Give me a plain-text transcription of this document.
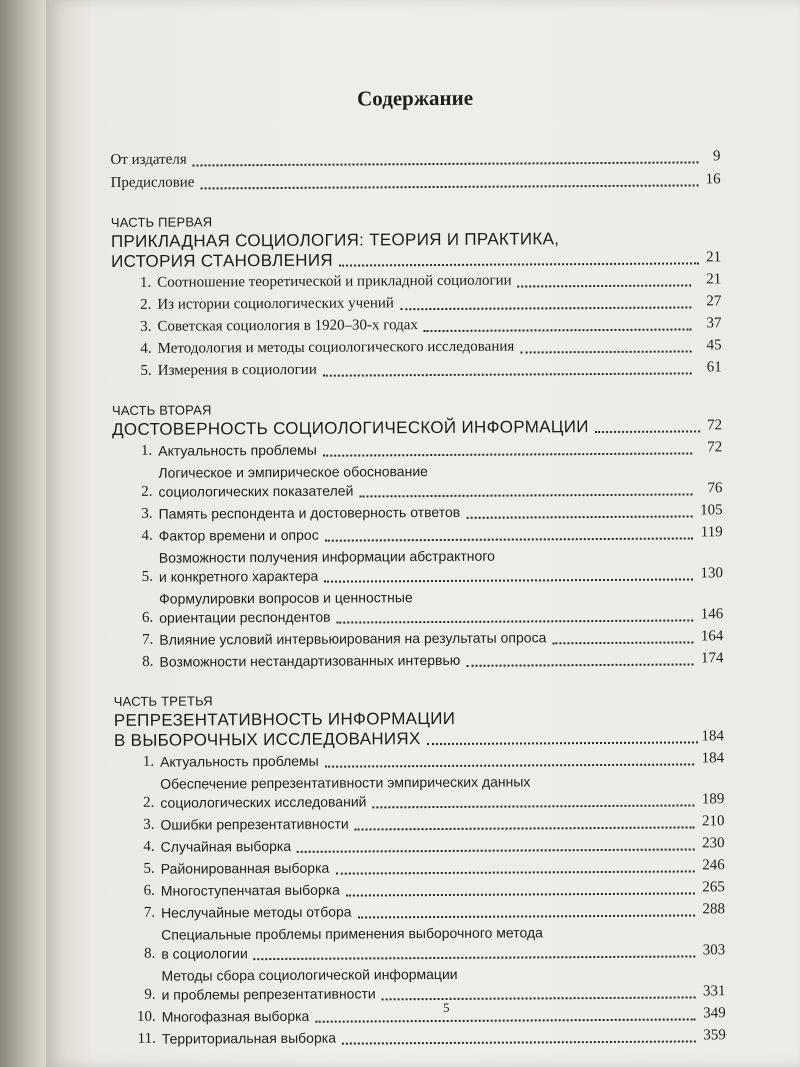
Содержание
От издателя	9
Предисловие	16
ЧАСТЬ ПЕРВАЯ
ПРИКЛАДНАЯ СОЦИОЛОГИЯ: ТЕОРИЯ И ПРАКТИКА,
ИСТОРИЯ СТАНОВЛЕНИЯ	21
1. Соотношение теоретической и прикладной социологии	21
2. Из истории социологических учений	27
3. Советская социология в 1920–30-х годах	37
4. Методология и методы социологического исследования	45
5. Измерения в социологии	61
ЧАСТЬ ВТОРАЯ
ДОСТОВЕРНОСТЬ СОЦИОЛОГИЧЕСКОЙ ИНФОРМАЦИИ	72
1. Актуальность проблемы	72
2.
Логическое и эмпирическое обоснование
социологических показателей	76
3. Память респондента и достоверность ответов	105
4. Фактор времени и опрос	119
5.
Возможности получения информации абстрактного
и конкретного характера	130
6.
Формулировки вопросов и ценностные
ориентации респондентов	146
7. Влияние условий интервьюирования на результаты опроса	164
8. Возможности нестандартизованных интервью	174
ЧАСТЬ ТРЕТЬЯ
РЕПРЕЗЕНТАТИВНОСТЬ ИНФОРМАЦИИ
В ВЫБОРОЧНЫХ ИССЛЕДОВАНИЯХ	184
1. Актуальность проблемы	184
2.
Обеспечение репрезентативности эмпирических данных
социологических исследований	189
3. Ошибки репрезентативности	210
4. Случайная выборка	230
5. Районированная выборка	246
6. Многоступенчатая выборка	265
7. Неслучайные методы отбора	288
8.
Специальные проблемы применения выборочного метода
в социологии	303
9.
Методы сбора социологической информации
и проблемы репрезентативности	331
10. Многофазная выборка	349
11. Территориальная выборка	359
5
